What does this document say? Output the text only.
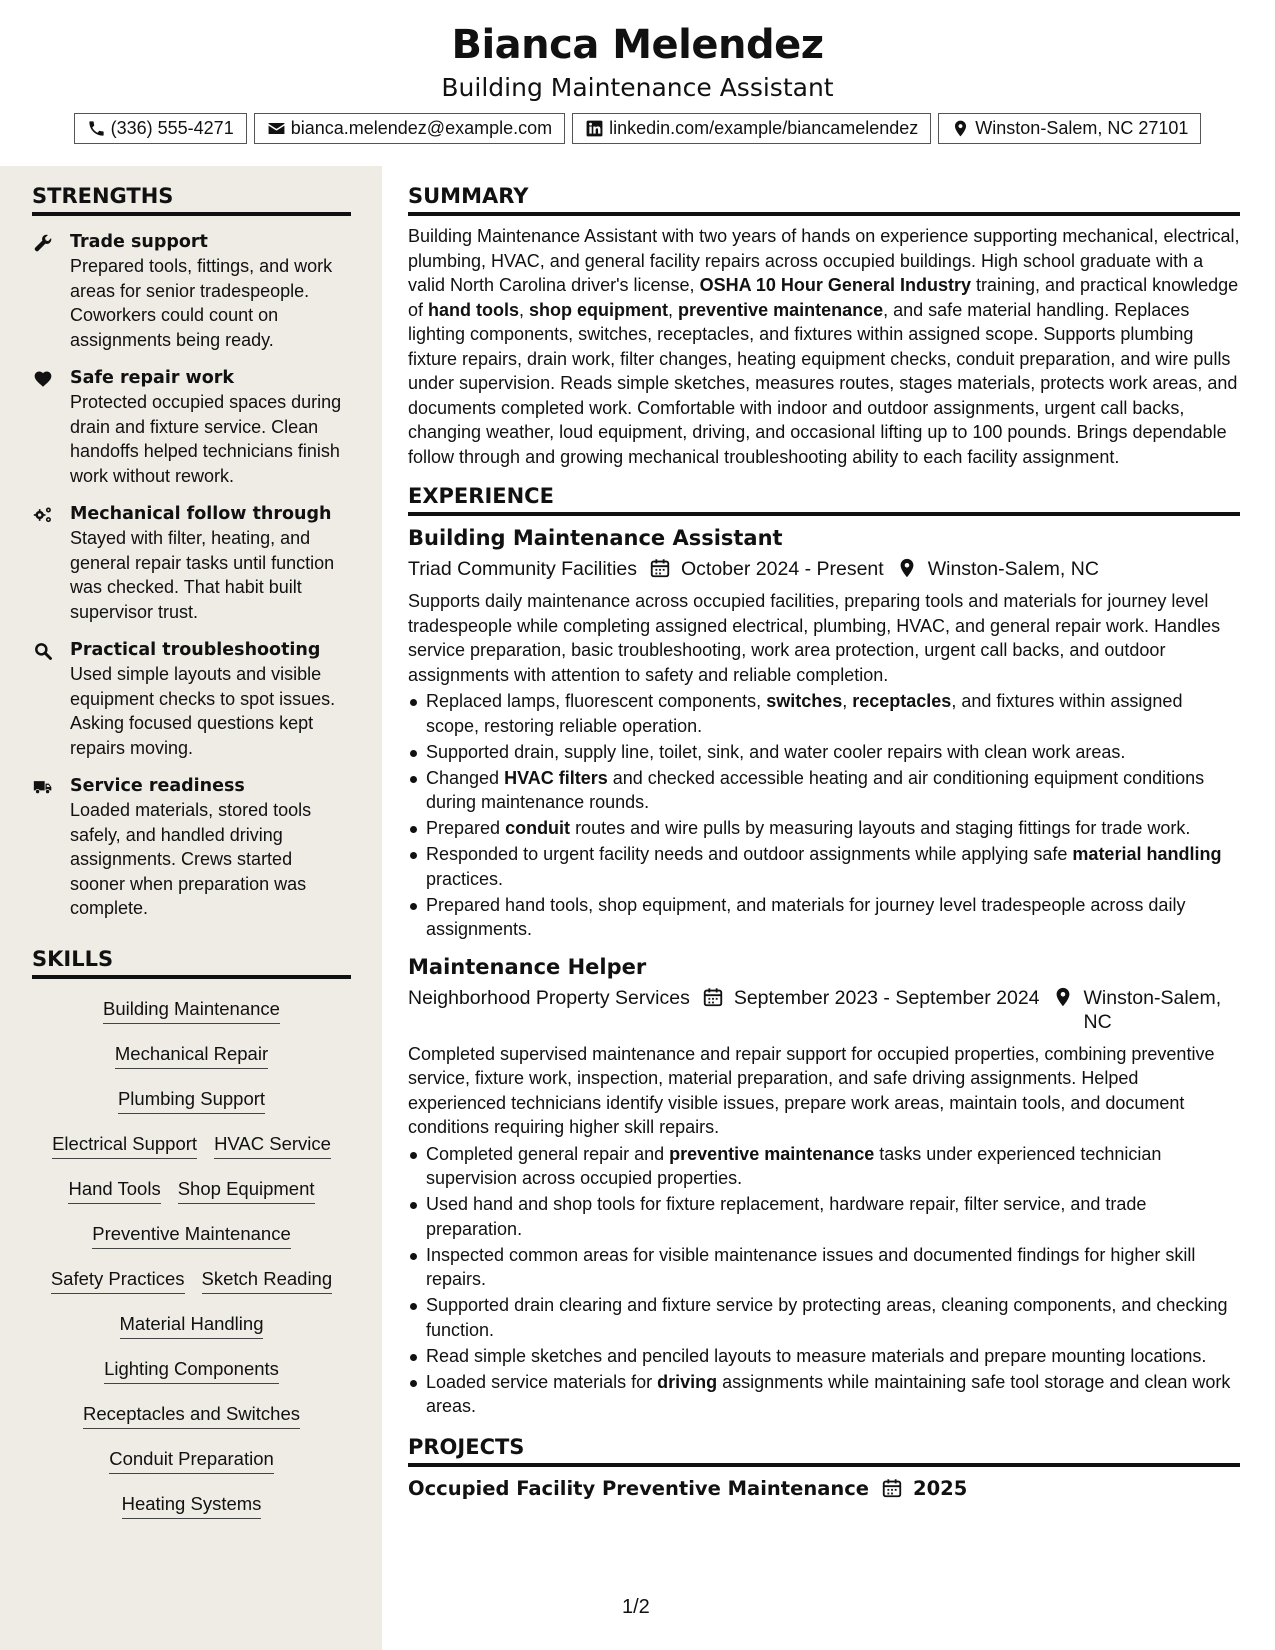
Bianca Melendez
Building Maintenance Assistant
(336) 555-4271	bianca.melendez@example.com	linkedin.com/example/biancamelendez	Winston-Salem, NC 27101
STRENGTHS
Trade support
Prepared tools, fittings, and work areas for senior tradespeople. Coworkers could count on assignments being ready.
Safe repair work
Protected occupied spaces during drain and fixture service. Clean handoffs helped technicians finish work without rework.
Mechanical follow through
Stayed with filter, heating, and general repair tasks until function was checked. That habit built supervisor trust.
Practical troubleshooting
Used simple layouts and visible equipment checks to spot issues. Asking focused questions kept repairs moving.
Service readiness
Loaded materials, stored tools safely, and handled driving assignments. Crews started sooner when preparation was complete.
SKILLS
Building Maintenance
Mechanical Repair
Plumbing Support
Electrical Support HVAC Service
Hand Tools Shop Equipment
Preventive Maintenance
Safety Practices Sketch Reading
Material Handling
Lighting Components
Receptacles and Switches
Conduit Preparation
Heating Systems
SUMMARY
Building Maintenance Assistant with two years of hands on experience supporting mechanical, electrical, plumbing, HVAC, and general facility repairs across occupied buildings. High school graduate with a valid North Carolina driver's license, OSHA 10 Hour General Industry training, and practical knowledge of hand tools, shop equipment, preventive maintenance, and safe material handling. Replaces lighting components, switches, receptacles, and fixtures within assigned scope. Supports plumbing fixture repairs, drain work, filter changes, heating equipment checks, conduit preparation, and wire pulls under supervision. Reads simple sketches, measures routes, stages materials, protects work areas, and documents completed work. Comfortable with indoor and outdoor assignments, urgent call backs, changing weather, loud equipment, driving, and occasional lifting up to 100 pounds. Brings dependable follow through and growing mechanical troubleshooting ability to each facility assignment.
EXPERIENCE
Building Maintenance Assistant
Triad Community Facilities October 2024 - Present Winston-Salem, NC
Supports daily maintenance across occupied facilities, preparing tools and materials for journey level tradespeople while completing assigned electrical, plumbing, HVAC, and general repair work. Handles service preparation, basic troubleshooting, work area protection, urgent call backs, and outdoor assignments with attention to safety and reliable completion.
Replaced lamps, fluorescent components, switches, receptacles, and fixtures within assigned scope, restoring reliable operation.
Supported drain, supply line, toilet, sink, and water cooler repairs with clean work areas.
Changed HVAC filters and checked accessible heating and air conditioning equipment conditions during maintenance rounds.
Prepared conduit routes and wire pulls by measuring layouts and staging fittings for trade work.
Responded to urgent facility needs and outdoor assignments while applying safe material handling practices.
Prepared hand tools, shop equipment, and materials for journey level tradespeople across daily assignments.
Maintenance Helper
Neighborhood Property Services September 2023 - September 2024 Winston-Salem, NC
Completed supervised maintenance and repair support for occupied properties, combining preventive service, fixture work, inspection, material preparation, and safe driving assignments. Helped experienced technicians identify visible issues, prepare work areas, maintain tools, and document conditions requiring higher skill repairs.
Completed general repair and preventive maintenance tasks under experienced technician supervision across occupied properties.
Used hand and shop tools for fixture replacement, hardware repair, filter service, and trade preparation.
Inspected common areas for visible maintenance issues and documented findings for higher skill repairs.
Supported drain clearing and fixture service by protecting areas, cleaning components, and checking function.
Read simple sketches and penciled layouts to measure materials and prepare mounting locations.
Loaded service materials for driving assignments while maintaining safe tool storage and clean work areas.
PROJECTS
Occupied Facility Preventive Maintenance 2025
1/2
